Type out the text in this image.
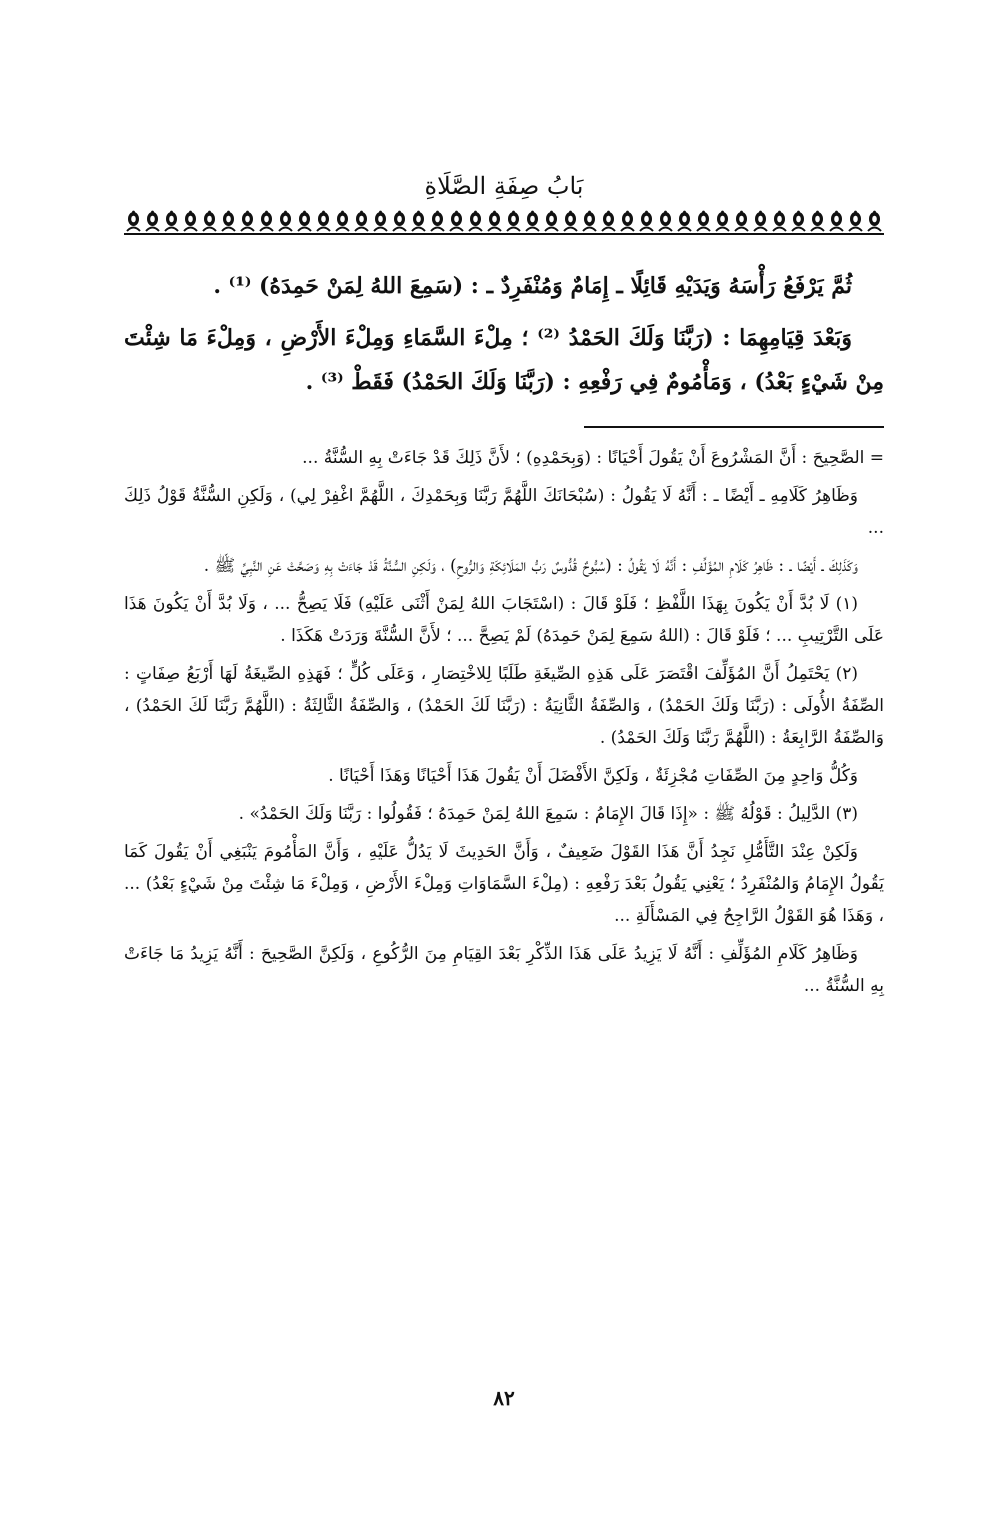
بَابُ صِفَةِ الصَّلَاةِ

ثُمَّ يَرْفَعُ رَأْسَهُ وَيَدَيْهِ قَائِلًا ـ إِمَامٌ وَمُنْفَرِدٌ ـ : (سَمِعَ اللهُ لِمَنْ حَمِدَهُ) ⁽¹⁾ .

وَبَعْدَ قِيَامِهِمَا : (رَبَّنَا وَلَكَ الحَمْدُ ⁽²⁾ ؛ مِلْءَ السَّمَاءِ وَمِلْءَ الأَرْضِ ، وَمِلْءَ مَا شِئْتَ مِنْ شَيْءٍ بَعْدُ) ، وَمَأْمُومٌ فِي رَفْعِهِ : (رَبَّنَا وَلَكَ الحَمْدُ) فَقَطْ ⁽³⁾ .

= الصَّحِيحَ : أَنَّ المَشْرُوعَ أَنْ يَقُولَ أَحْيَانًا : (وَبِحَمْدِهِ) ؛ لأَنَّ ذَلِكَ قَدْ جَاءَتْ بِهِ السُّنَّةُ ...

وَظَاهِرُ كَلَامِهِ ـ أَيْضًا ـ : أَنَّهُ لَا يَقُولُ : (سُبْحَانَكَ اللَّهُمَّ رَبَّنَا وَبِحَمْدِكَ ، اللَّهُمَّ اغْفِرْ لِي) ، وَلَكِنِ السُّنَّةُ قَوْلُ ذَلِكَ ...

وَكَذَلِكَ ـ أَيْضًا ـ : ظَاهِرُ كَلَامِ المُؤَلِّفِ : أَنَّهُ لَا يَقُولُ : (سُبُّوحٌ قُدُّوسٌ رَبُّ المَلَائِكَةِ وَالرُّوحِ) ، وَلَكِنِ السُّنَّةُ قَدْ جَاءَتْ بِهِ وَصَحَّتْ عَنِ النَّبِيِّ ﷺ .

(١) لَا بُدَّ أَنْ يَكُونَ بِهَذَا اللَّفْظِ ؛ فَلَوْ قَالَ : (اسْتَجَابَ اللهُ لِمَنْ أَثْنَى عَلَيْهِ) فَلَا يَصِحُّ ... ، وَلَا بُدَّ أَنْ يَكُونَ هَذَا عَلَى التَّرْتِيبِ ... ؛ فَلَوْ قَالَ : (اللهُ سَمِعَ لِمَنْ حَمِدَهُ) لَمْ يَصِحَّ ... ؛ لأَنَّ السُّنَّةَ وَرَدَتْ هَكَذَا .

(٢) يَحْتَمِلُ أَنَّ المُؤَلِّفَ اقْتَصَرَ عَلَى هَذِهِ الصِّيغَةِ طَلَبًا لِلاخْتِصَارِ ، وَعَلَى كُلٍّ ؛ فَهَذِهِ الصِّيغَةُ لَهَا أَرْبَعُ صِفَاتٍ : الصِّفَةُ الأُولَى : (رَبَّنَا وَلَكَ الحَمْدُ) ، وَالصِّفَةُ الثَّانِيَةُ : (رَبَّنَا لَكَ الحَمْدُ) ، وَالصِّفَةُ الثَّالِثَةُ : (اللَّهُمَّ رَبَّنَا لَكَ الحَمْدُ) ، وَالصِّفَةُ الرَّابِعَةُ : (اللَّهُمَّ رَبَّنَا وَلَكَ الحَمْدُ) .

وَكُلُّ وَاحِدٍ مِنَ الصِّفَاتِ مُجْزِئَةٌ ، وَلَكِنَّ الأَفْضَلَ أَنْ يَقُولَ هَذَا أَحْيَانًا وَهَذَا أَحْيَانًا .

(٣) الدَّلِيلُ : قَوْلُهُ ﷺ : «إِذَا قَالَ الإِمَامُ : سَمِعَ اللهُ لِمَنْ حَمِدَهُ ؛ فَقُولُوا : رَبَّنَا وَلَكَ الحَمْدُ» .

وَلَكِنْ عِنْدَ التَّأَمُّلِ نَجِدُ أَنَّ هَذَا القَوْلَ ضَعِيفٌ ، وَأَنَّ الحَدِيثَ لَا يَدُلُّ عَلَيْهِ ، وَأَنَّ المَأْمُومَ يَنْبَغِي أَنْ يَقُولَ كَمَا يَقُولُ الإِمَامُ وَالمُنْفَرِدُ ؛ يَعْنِي يَقُولُ بَعْدَ رَفْعِهِ : (مِلْءَ السَّمَاوَاتِ وَمِلْءَ الأَرْضِ ، وَمِلْءَ مَا شِئْتَ مِنْ شَيْءٍ بَعْدُ) ... ، وَهَذَا هُوَ القَوْلُ الرَّاجِحُ فِي المَسْأَلَةِ ...

وَظَاهِرُ كَلَامِ المُؤَلِّفِ : أَنَّهُ لَا يَزِيدُ عَلَى هَذَا الذِّكْرِ بَعْدَ القِيَامِ مِنَ الرُّكُوعِ ، وَلَكِنَّ الصَّحِيحَ : أَنَّهُ يَزِيدُ مَا جَاءَتْ بِهِ السُّنَّةُ ...

٨٢
